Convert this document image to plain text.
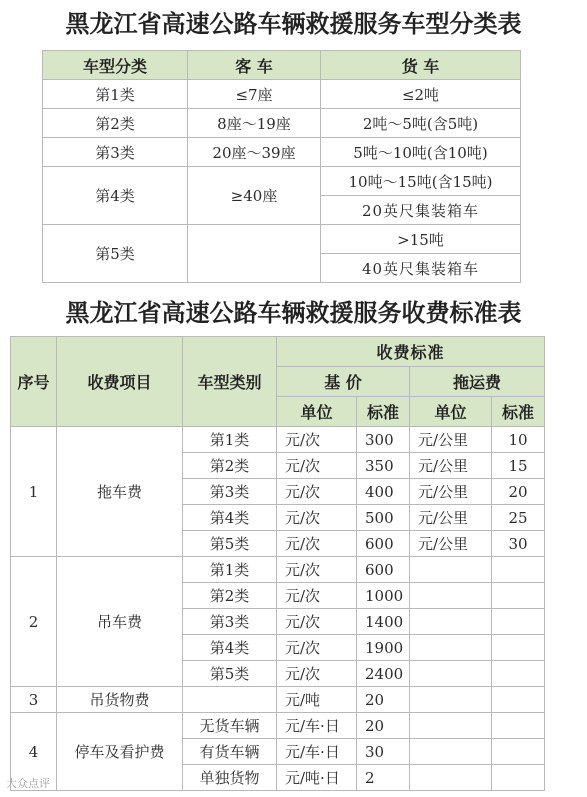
黑龙江省高速公路车辆救援服务车型分类表
车型分类	客 车	货 车
第1类	≤7座	≤2吨
第2类	8座～19座	2吨～5吨(含5吨)
第3类	20座～39座	5吨～10吨(含10吨)
第4类	≥40座	10吨～15吨(含15吨)
		20英尺集装箱车
第5类		>15吨
		40英尺集装箱车
黑龙江省高速公路车辆救援服务收费标准表
序号	收费项目	车型类别	收费标准			
			基 价		拖运费	
			单位	标准	单位	标准
1	拖车费	第1类	元/次	300	元/公里	10
		第2类	元/次	350	元/公里	15
		第3类	元/次	400	元/公里	20
		第4类	元/次	500	元/公里	25
		第5类	元/次	600	元/公里	30
2	吊车费	第1类	元/次	600		
		第2类	元/次	1000		
		第3类	元/次	1400		
		第4类	元/次	1900		
		第5类	元/次	2400		
3	吊货物费		元/吨	20		
4	停车及看护费	无货车辆	元/车·日	20		
		有货车辆	元/车·日	30		
		单独货物	元/吨·日	2		
大众点评
